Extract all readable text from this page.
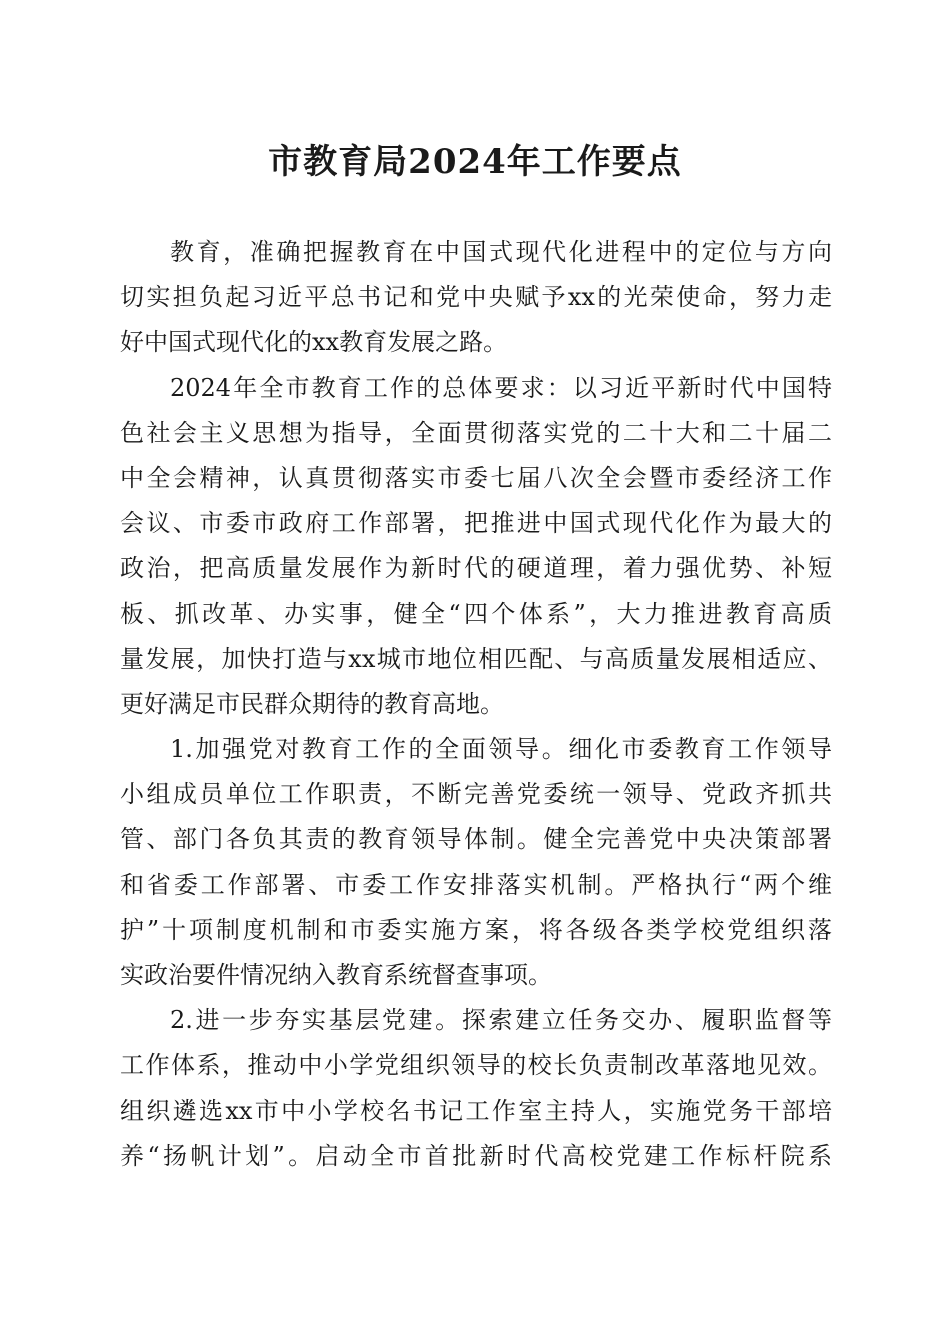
市教育局2024年工作要点
教育，准确把握教育在中国式现代化进程中的定位与方向
切实担负起习近平总书记和党中央赋予xx的光荣使命，努力走
好中国式现代化的xx教育发展之路。
2024年全市教育工作的总体要求：以习近平新时代中国特
色社会主义思想为指导，全面贯彻落实党的二十大和二十届二
中全会精神，认真贯彻落实市委七届八次全会暨市委经济工作
会议、市委市政府工作部署，把推进中国式现代化作为最大的
政治，把高质量发展作为新时代的硬道理，着力强优势、补短
板、抓改革、办实事，健全“四个体系”，大力推进教育高质
量发展，加快打造与xx城市地位相匹配、与高质量发展相适应、
更好满足市民群众期待的教育高地。
1.加强党对教育工作的全面领导。细化市委教育工作领导
小组成员单位工作职责，不断完善党委统一领导、党政齐抓共
管、部门各负其责的教育领导体制。健全完善党中央决策部署
和省委工作部署、市委工作安排落实机制。严格执行“两个维
护”十项制度机制和市委实施方案，将各级各类学校党组织落
实政治要件情况纳入教育系统督查事项。
2.进一步夯实基层党建。探索建立任务交办、履职监督等
工作体系，推动中小学党组织领导的校长负责制改革落地见效。
组织遴选xx市中小学校名书记工作室主持人，实施党务干部培
养“扬帆计划”。启动全市首批新时代高校党建工作标杆院系
